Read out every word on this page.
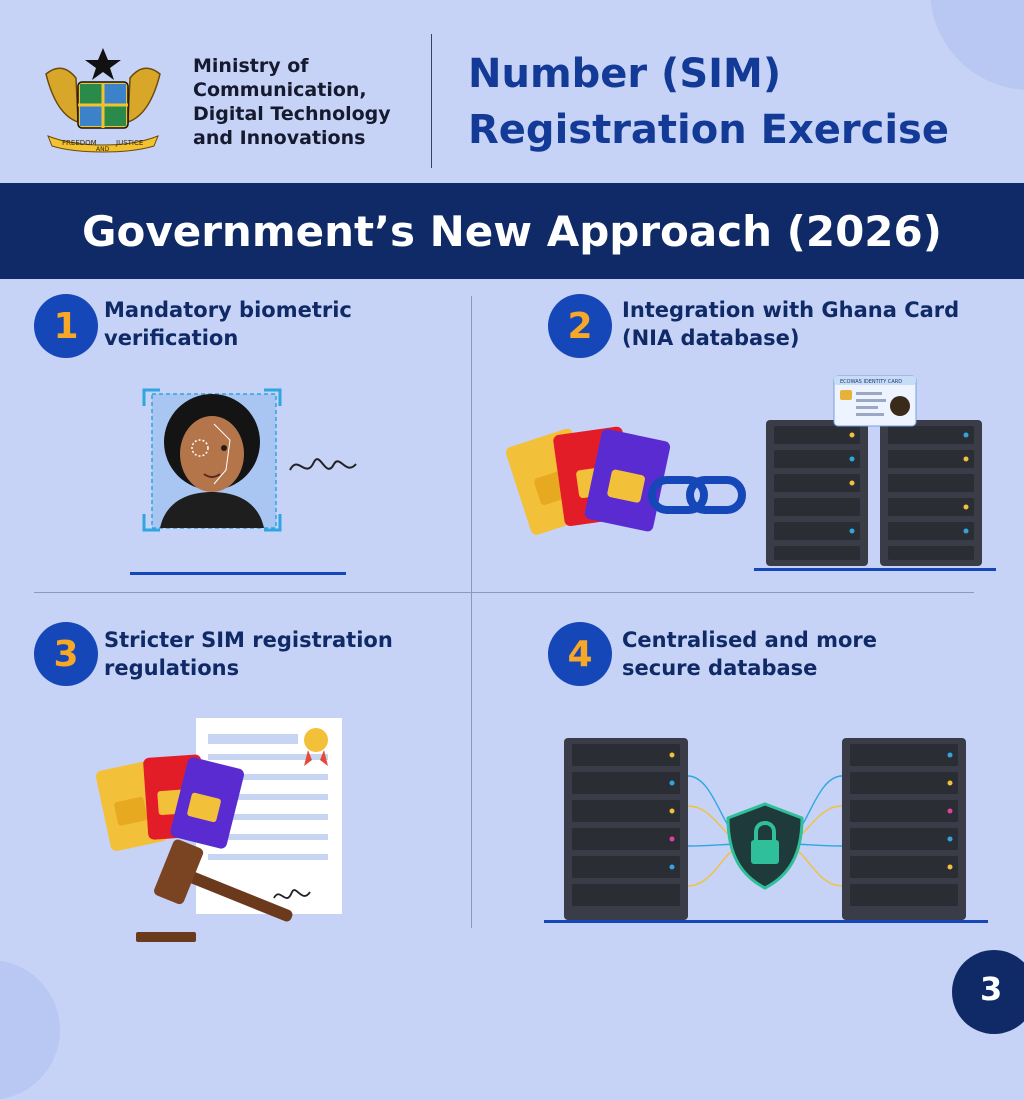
FREEDOM
AND
JUSTICE
Ministry of
Communication,
Digital Technology
and Innovations
Number (SIM)
Registration Exercise
Government’s New Approach (2026)
1	Mandatory biometric
verification	2	Integration with Ghana Card
(NIA database)
ECOWAS IDENTITY CARD
3	Stricter SIM registration
regulations	4	Centralised and more
secure database
3
